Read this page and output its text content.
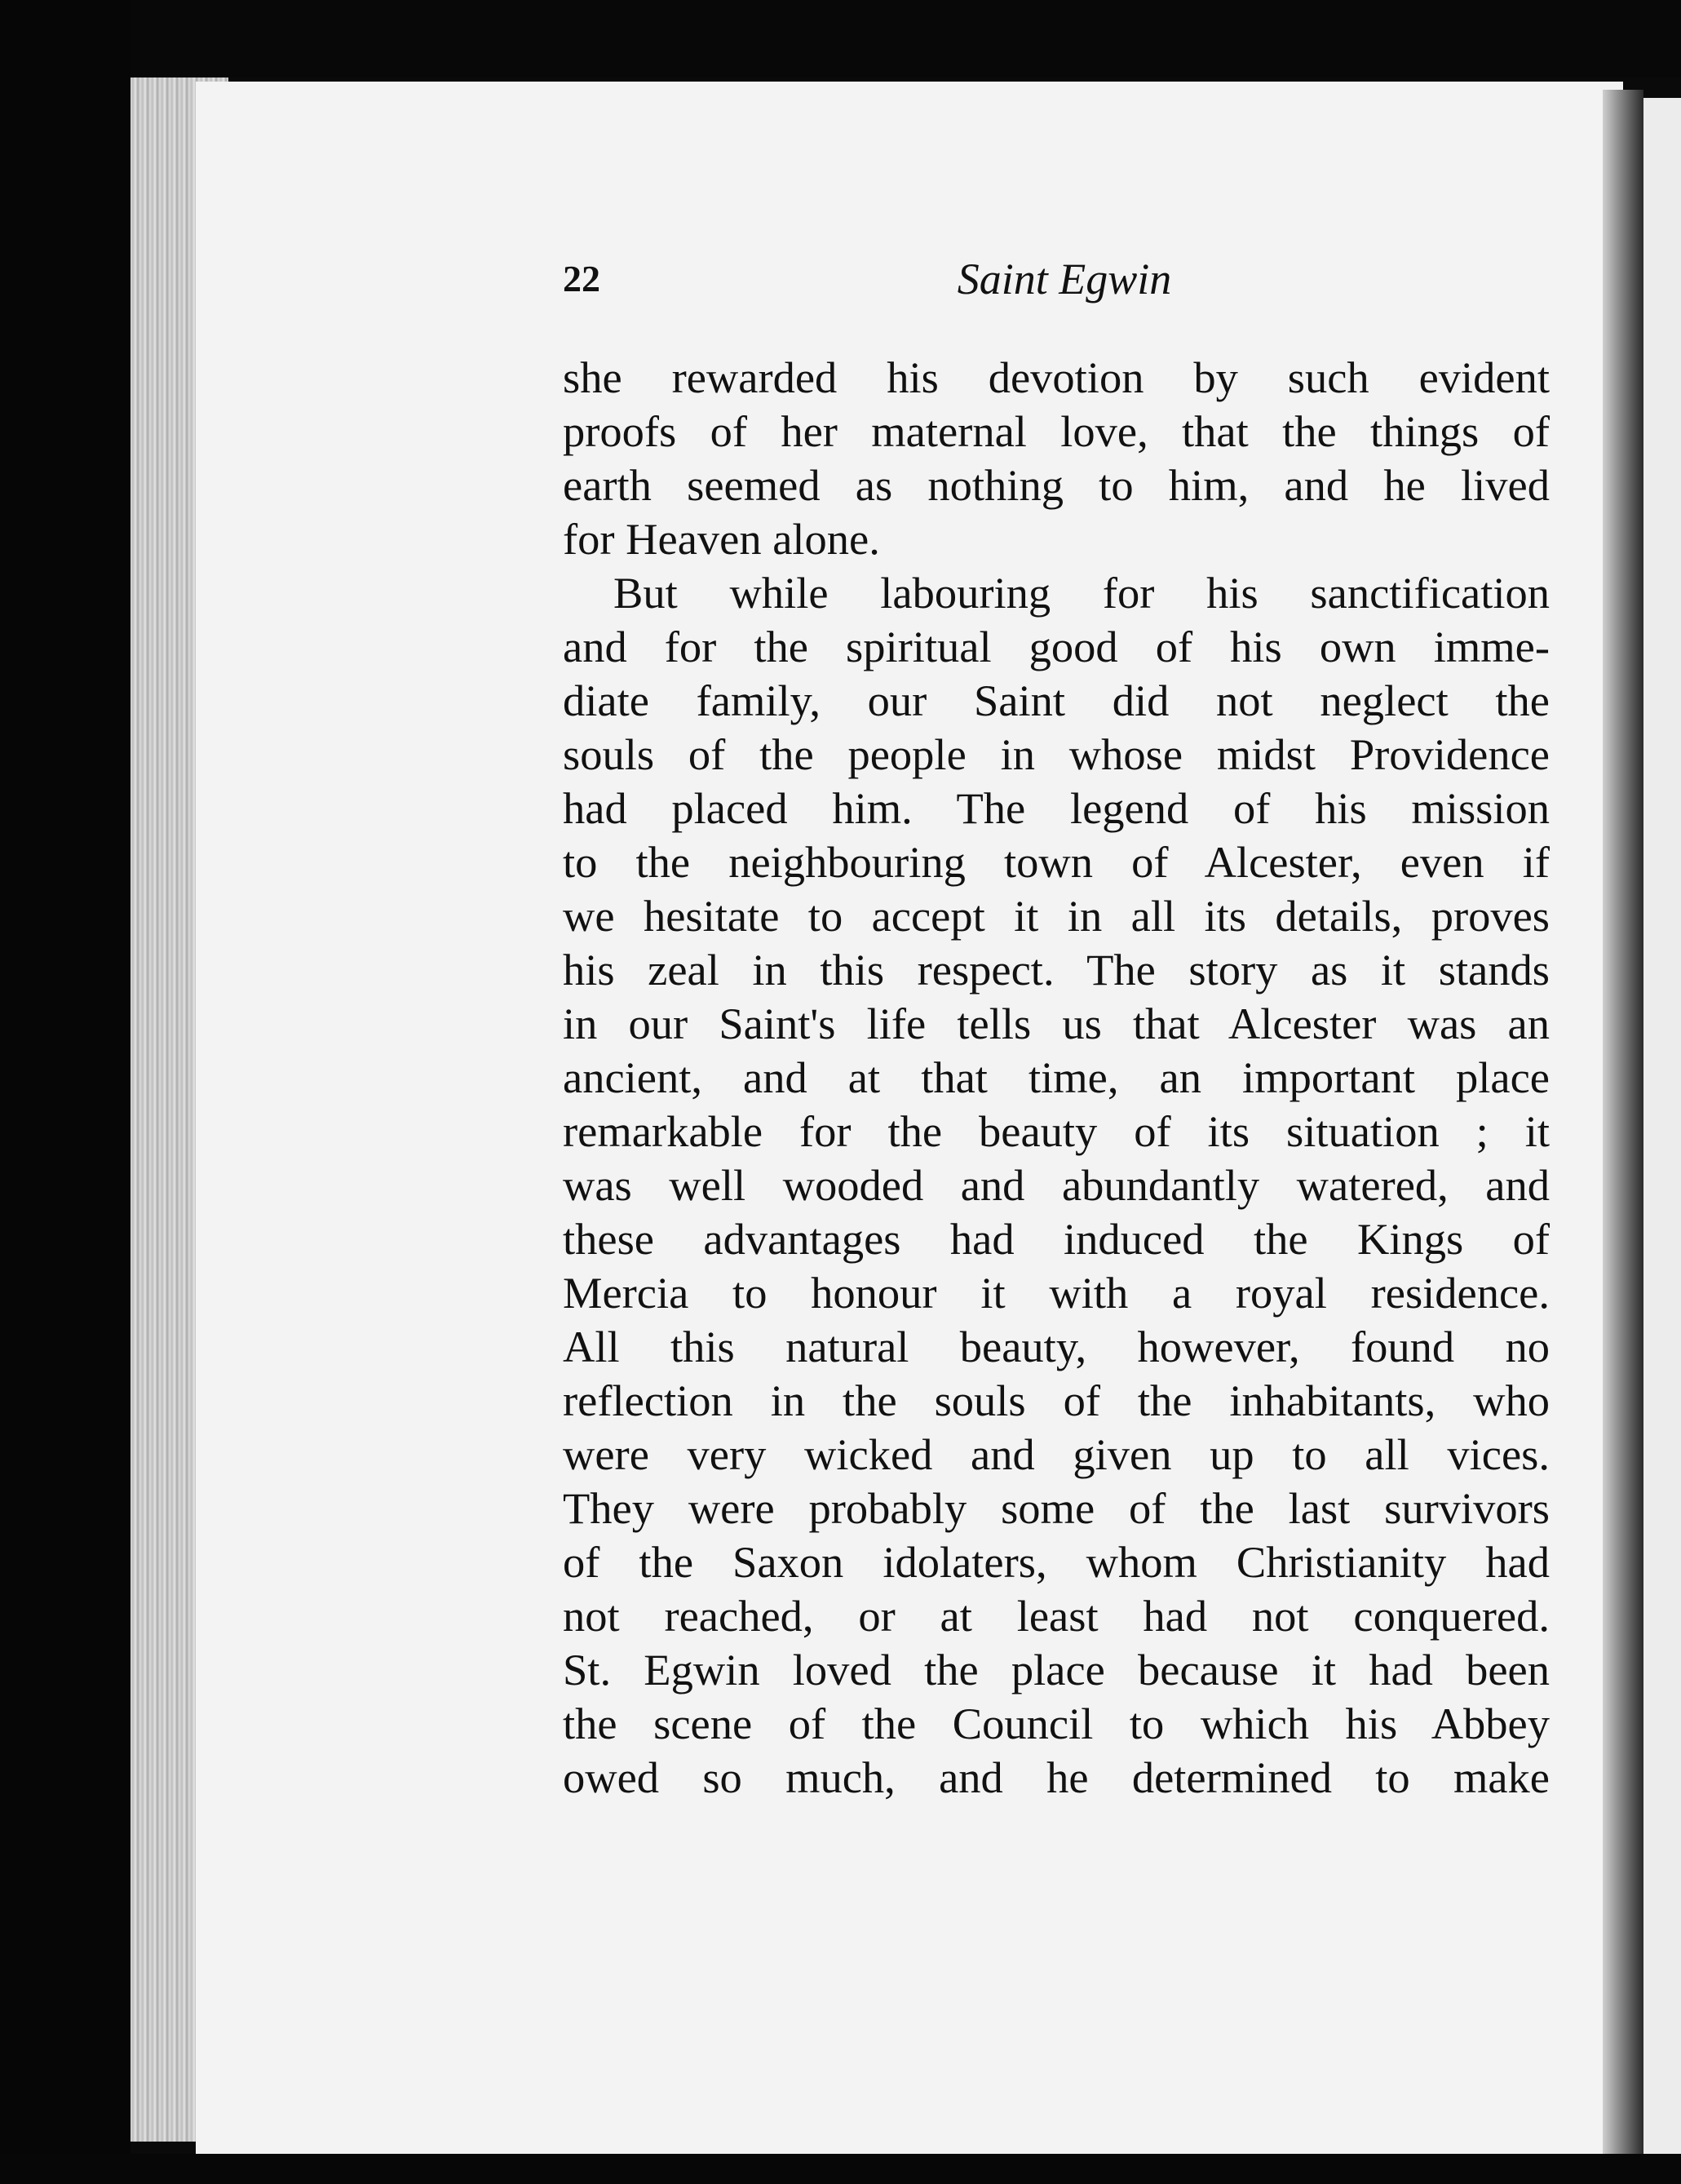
22	Saint Egwin
she rewarded his devotion by such evident
proofs of her maternal love, that the things of
earth seemed as nothing to him, and he lived
for Heaven alone.
But while labouring for his sanctification
and for the spiritual good of his own imme-
diate family, our Saint did not neglect the
souls of the people in whose midst Providence
had placed him. The legend of his mission
to the neighbouring town of Alcester, even if
we hesitate to accept it in all its details, proves
his zeal in this respect. The story as it stands
in our Saint's life tells us that Alcester was an
ancient, and at that time, an important place
remarkable for the beauty of its situation ; it
was well wooded and abundantly watered, and
these advantages had induced the Kings of
Mercia to honour it with a royal residence.
All this natural beauty, however, found no
reflection in the souls of the inhabitants, who
were very wicked and given up to all vices.
They were probably some of the last survivors
of the Saxon idolaters, whom Christianity had
not reached, or at least had not conquered.
St. Egwin loved the place because it had been
the scene of the Council to which his Abbey
owed so much, and he determined to make
